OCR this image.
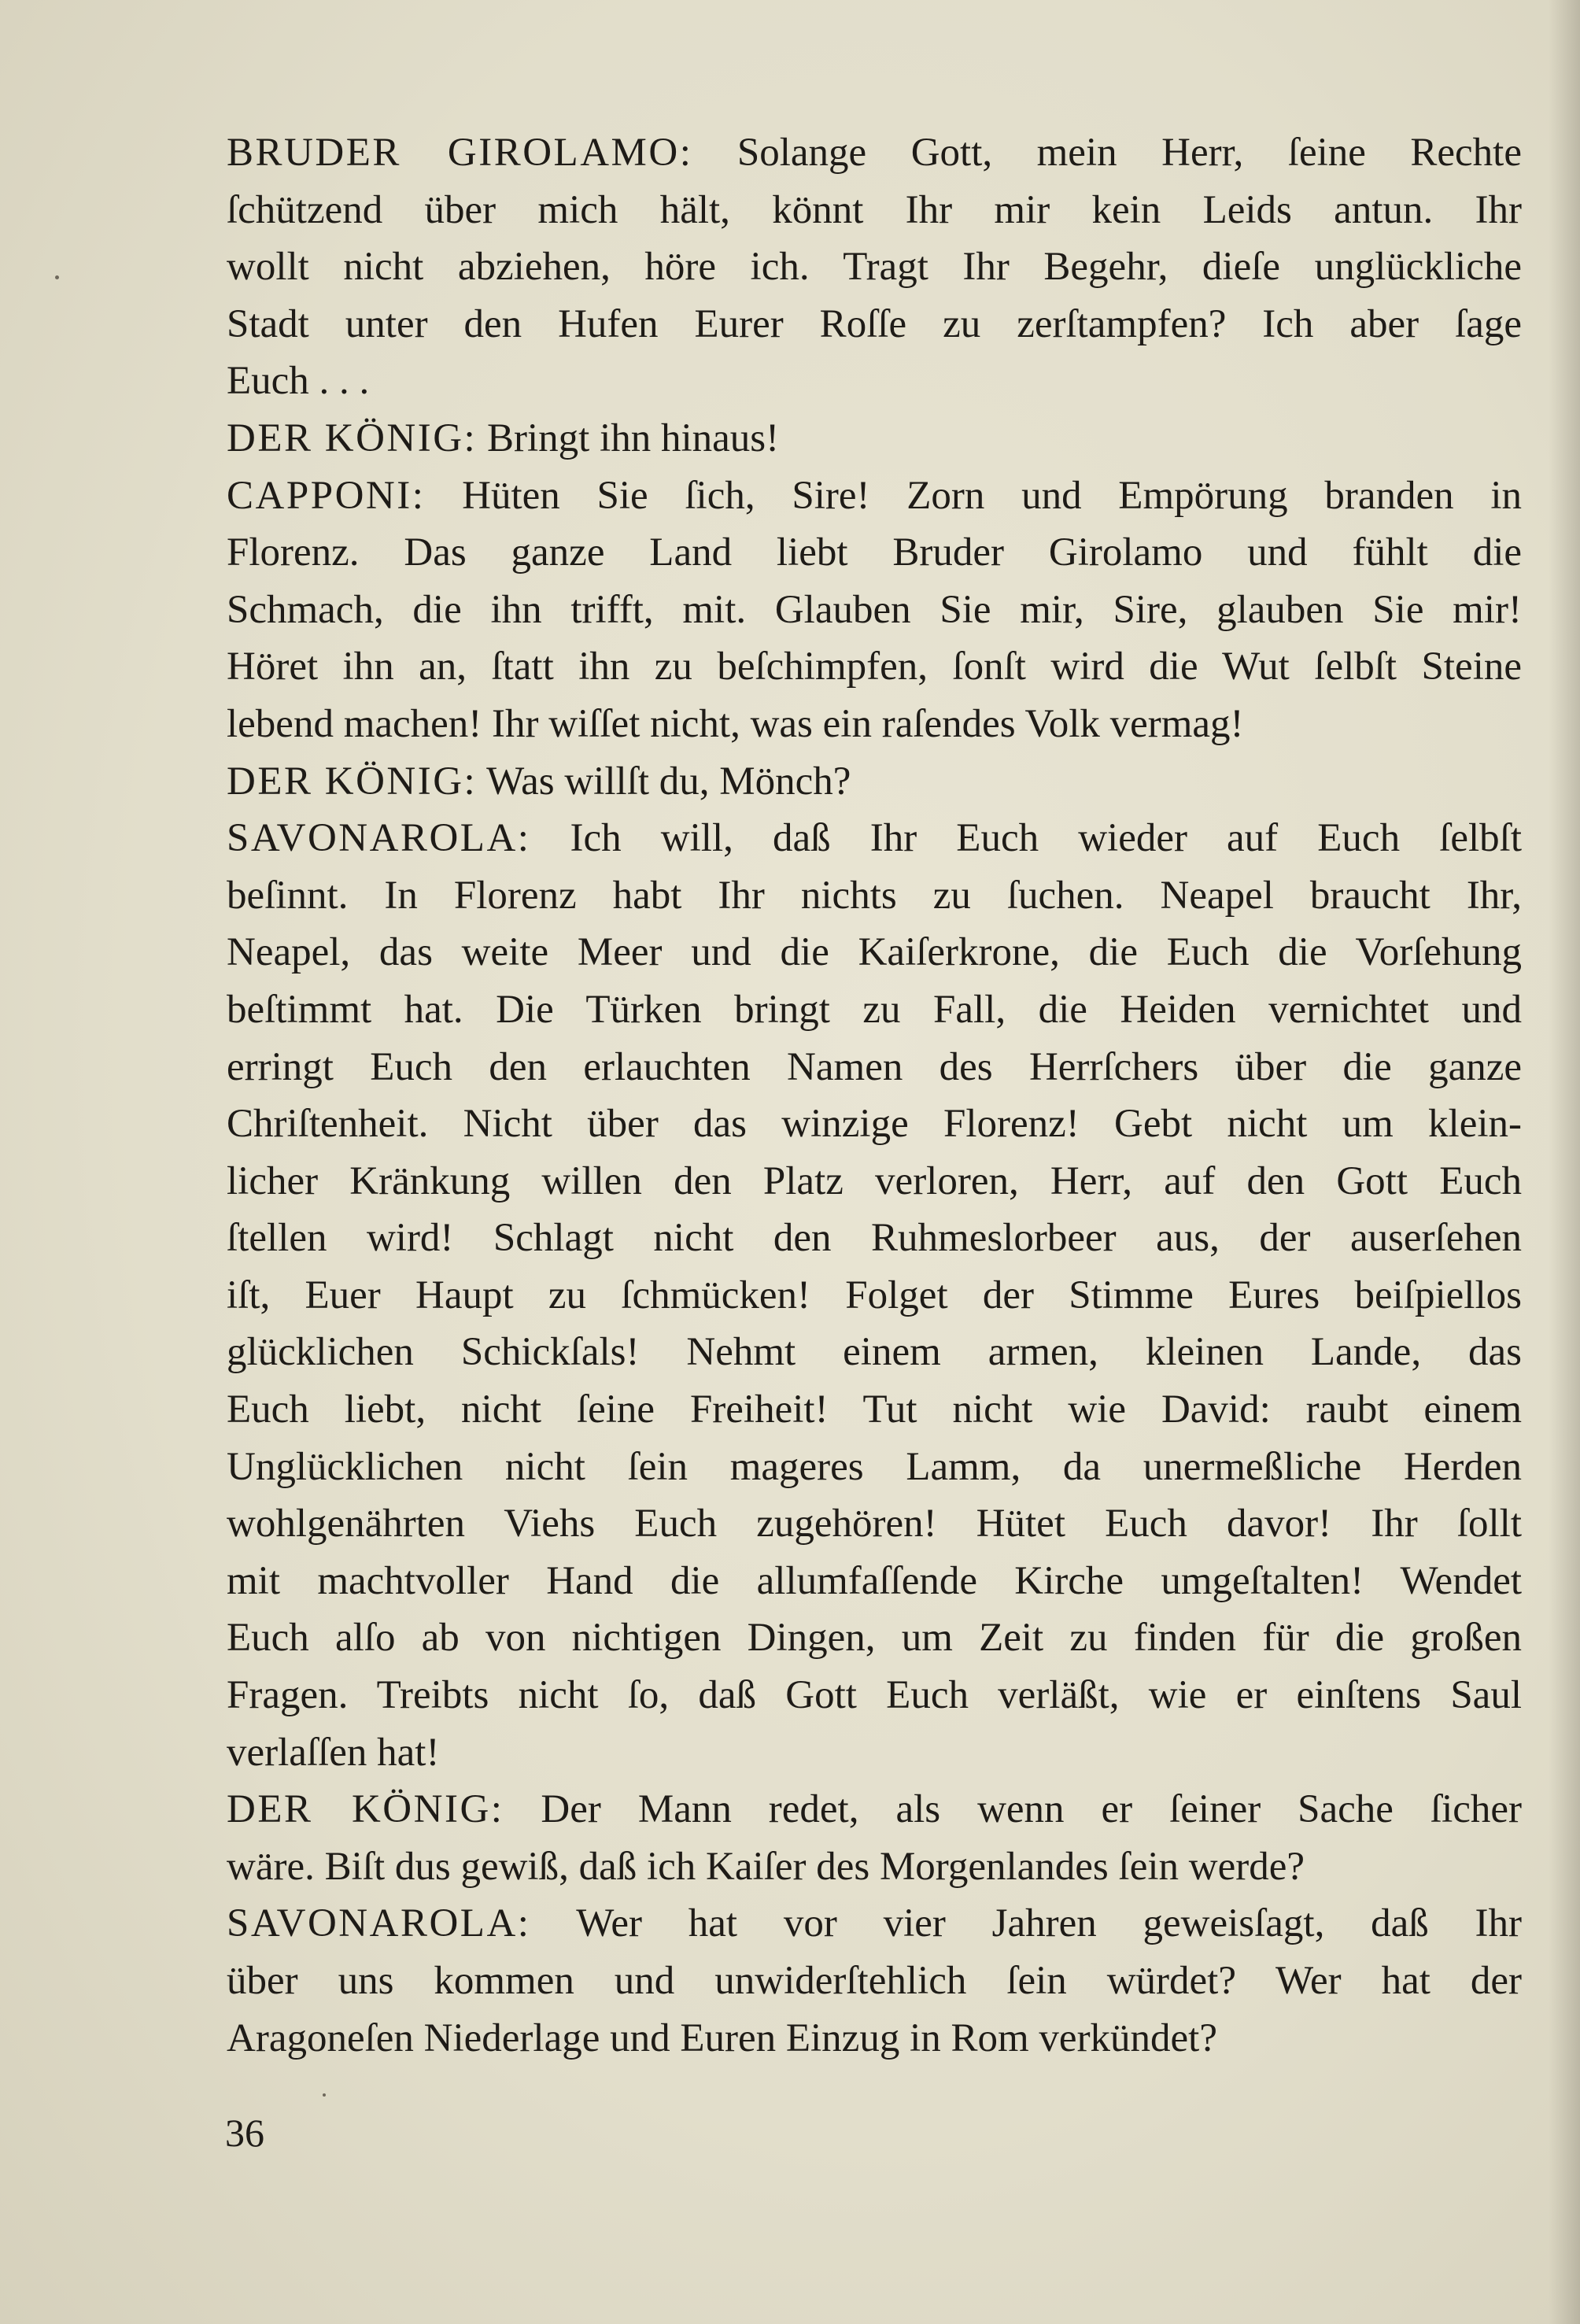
BRUDER GIROLAMO: Solange Gott, mein Herr, ſeine Rechte
ſchützend über mich hält, könnt Ihr mir kein Leids antun. Ihr
wollt nicht abziehen, höre ich. Tragt Ihr Begehr, dieſe unglückliche
Stadt unter den Hufen Eurer Roſſe zu zerſtampfen? Ich aber ſage
Euch . . .
DER KÖNIG: Bringt ihn hinaus!
CAPPONI: Hüten Sie ſich, Sire! Zorn und Empörung branden in
Florenz. Das ganze Land liebt Bruder Girolamo und fühlt die
Schmach, die ihn trifft, mit. Glauben Sie mir, Sire, glauben Sie mir!
Höret ihn an, ſtatt ihn zu beſchimpfen, ſonſt wird die Wut ſelbſt Steine
lebend machen! Ihr wiſſet nicht, was ein raſendes Volk vermag!
DER KÖNIG: Was willſt du, Mönch?
SAVONAROLA: Ich will, daß Ihr Euch wieder auf Euch ſelbſt
beſinnt. In Florenz habt Ihr nichts zu ſuchen. Neapel braucht Ihr,
Neapel, das weite Meer und die Kaiſerkrone, die Euch die Vorſehung
beſtimmt hat. Die Türken bringt zu Fall, die Heiden vernichtet und
erringt Euch den erlauchten Namen des Herrſchers über die ganze
Chriſtenheit. Nicht über das winzige Florenz! Gebt nicht um klein-
licher Kränkung willen den Platz verloren, Herr, auf den Gott Euch
ſtellen wird! Schlagt nicht den Ruhmeslorbeer aus, der auserſehen
iſt, Euer Haupt zu ſchmücken! Folget der Stimme Eures beiſpiellos
glücklichen Schickſals! Nehmt einem armen, kleinen Lande, das
Euch liebt, nicht ſeine Freiheit! Tut nicht wie David: raubt einem
Unglücklichen nicht ſein mageres Lamm, da unermeßliche Herden
wohlgenährten Viehs Euch zugehören! Hütet Euch davor! Ihr ſollt
mit machtvoller Hand die allumfaſſende Kirche umgeſtalten! Wendet
Euch alſo ab von nichtigen Dingen, um Zeit zu finden für die großen
Fragen. Treibts nicht ſo, daß Gott Euch verläßt, wie er einſtens Saul
verlaſſen hat!
DER KÖNIG: Der Mann redet, als wenn er ſeiner Sache ſicher
wäre. Biſt dus gewiß, daß ich Kaiſer des Morgenlandes ſein werde?
SAVONAROLA: Wer hat vor vier Jahren geweisſagt, daß Ihr
über uns kommen und unwiderſtehlich ſein würdet? Wer hat der
Aragoneſen Niederlage und Euren Einzug in Rom verkündet?
36
